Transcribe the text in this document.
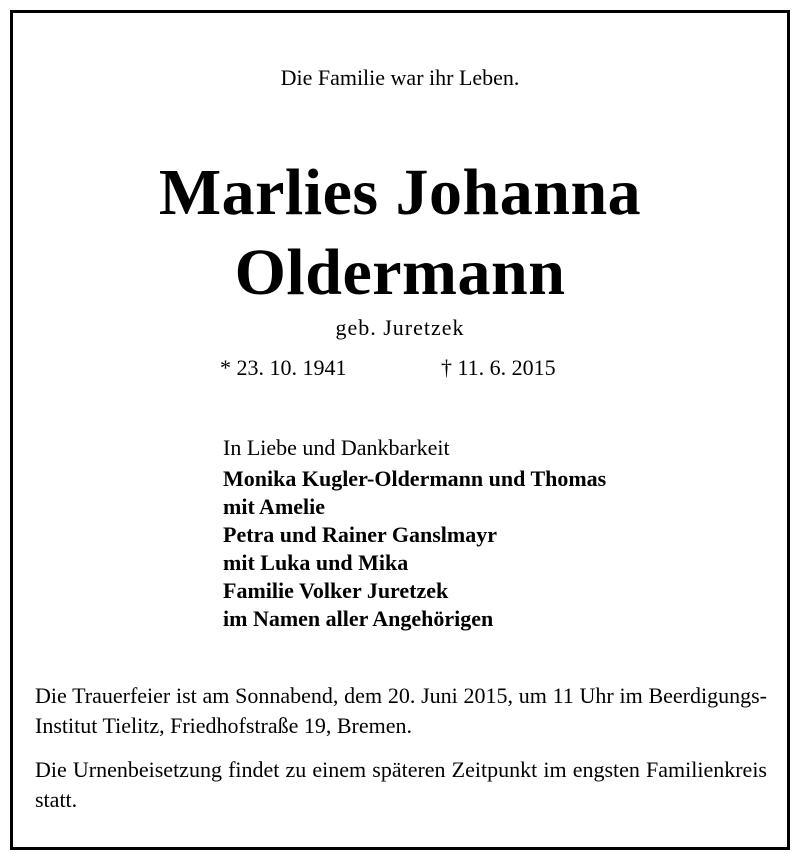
Die Familie war ihr Leben.
Marlies Johanna
Oldermann
geb. Juretzek
* 23. 10. 1941	† 11. 6. 2015
In Liebe und Dankbarkeit
Monika Kugler-Oldermann und Thomas
mit Amelie
Petra und Rainer Ganslmayr
mit Luka und Mika
Familie Volker Juretzek
im Namen aller Angehörigen
Die Trauerfeier ist am Sonnabend, dem 20. Juni 2015, um 11 Uhr im Beerdigungs-Institut Tielitz, Friedhofstraße 19, Bremen.
Die Urnenbeisetzung findet zu einem späteren Zeitpunkt im engsten Familienkreis statt.
